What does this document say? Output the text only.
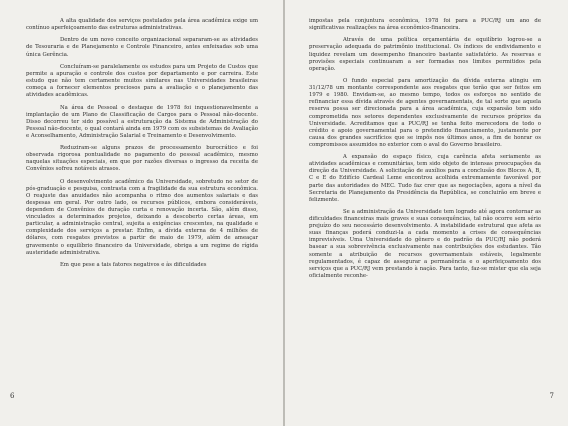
A alta qualidade dos serviços postulados pela área acadêmica exige um contínuo aperfeiçoamento das estruturas administrativas.

Dentro de um novo conceito organizacional separaram-se as atividades de Tesouraria e de Planejamento e Controle Financeiro, antes enfeixadas sob uma única Gerência.

Concluíram-se paralelamente os estudos para um Projeto de Custos que permite a apuração e controle dos custos por departamento e por carreira. Este estudo que não tem certamente muitos similares nas Universidades brasileiras começa a fornecer elementos preciosos para a avaliação e o planejamento das atividades acadêmicas.

Na área de Pessoal o destaque de 1978 foi inquestionavelmente a implantação de um Plano de Classificação de Cargos para o Pessoal não-docente. Disso decorreu ter sido possível a estruturação da Sistema de Administração do Pessoal não-docente, o qual contará ainda em 1979 com os subsistemas de Avaliação e Aconselhamento, Administração Salarial e Treinamento e Desenvolvimento.

Reduziram-se alguns prazos de processamento burocrático e foi observada rigorosa pontualidade no pagamento do pessoal acadêmico, mesmo naquelas situações especiais, em que por razões diversas o ingresso da receita de Convênios sofreu notáveis atrasos.

O desenvolvimento acadêmico da Universidade, sobretudo no setor de pós-graduação e pesquisa, contrasta com a fragilidade da sua estrutura econômica. O reajuste das anuidades não acompanha o ritmo dos aumentos salariais e das despesas em geral. Por outro lado, os recursos públicos, embora consideráveis, dependem de Convênios de duração curta e renovação incerta. São, além disso, vinculados a determinados projetos, deixando a descoberto certas áreas, em particular, a administração central, sujeita a exigências crescentes, na qualidade e complexidade dos serviços a prestar. Enfim, a dívida externa de 4 milhões de dólares, com resgates previstos a partir de maio de 1979, além de ameaçar gravemente o equilíbrio financeiro da Universidade, obriga a um regime de rígida austeridade administrativa.

Em que pese a tais fatores negativos e às dificuldades

6

impostas pela conjuntura econômica, 1978 foi para a PUC/RJ um ano de significativas realizações na área econômico-financeira.

Através de uma política orçamentária de equilíbrio logrou-se a preservação adequada do patrimônio institucional. Os índices de endividamento e liquidez revelam um desempenho financeiro bastante satisfatório. As reservas e provisões especiais continuaram a ser formadas nos limites permitidos pela operação.

O fundo especial para amortização da dívida externa atingiu em 31/12/78 um montante correspondente aos resgates que terão que ser feitos em 1979 e 1980. Envidam-se, ao mesmo tempo, todos os esforços no sentido de refinanciar essa dívida através de agentes governamentais, de tal sorte que aquela reserva possa ser direcionada para a área acadêmica, cuja expansão tem sido comprometida nos setores dependentes exclusivamente de recursos próprios da Universidade. Acreditamos que a PUC/RJ se tenha feito merecedora de todo o crédito e apoio governamental para o pretendido financiamento, justamente por causa dos grandes sacrifícios que se impôs nos últimos anos, a fim de honrar os compromissos assumidos no exterior com o aval do Governo brasileiro.

A expansão do espaço físico, cuja carência afeta seriamente as atividades acadêmicas e comunitárias, tem sido objeto de intensas preocupações da direção da Universidade. A solicitação de auxílios para a conclusão dos Blocos A, B, C e E do Edifício Cardeal Leme encontrou acolhida extremamente favorável por parte das autoridades do MEC. Tudo faz crer que as negociações, agora a nível da Secretaria de Planejamento da Presidência da República, se concluirão em breve e felizmente.

Se a administração da Universidade tem logrado até agora contornar as dificuldades financeiras mais graves e suas consequências, tal não ocorre sem sério prejuízo do seu necessário desenvolvimento. A instabilidade estrutural que afeta as suas finanças poderá conduzi-la a cada momento a crises de consequências imprevisíveis. Uma Universidade do gênero e do padrão da PUC/RJ não poderá basear a sua sobrevivência exclusivamente nas contribuições dos estudantes. Tão somente a atribuição de recursos governamentais estáveis, legalmente regulamentados, é capaz de assegurar a permanência e o aperfeiçoamento dos serviços que a PUC/RJ vem prestando à nação. Para tanto, faz-se mister que ela seja oficialmente reconhe-

7
